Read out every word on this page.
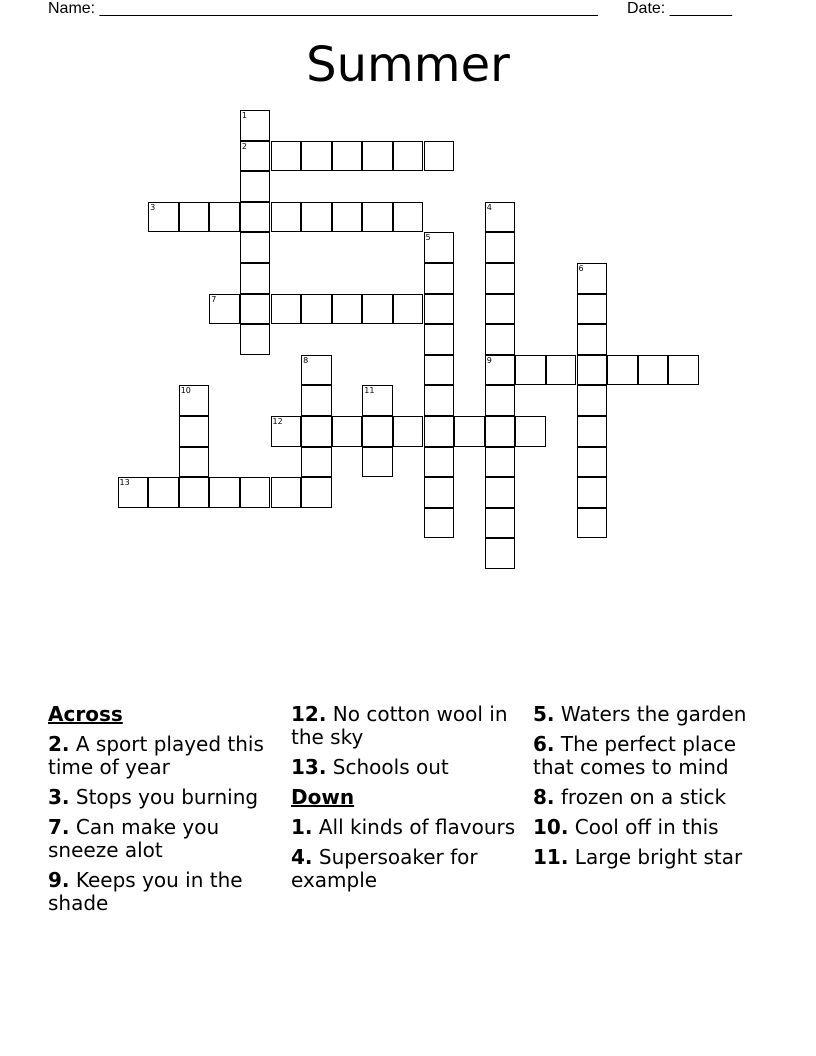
Name: ________________________________________________________ Date: _______
Summer
1
2
3	4
9
5
6
7
8
10	11
12
13
Across
2. A sport played this time of year
3. Stops you burning
7. Can make you sneeze alot
9. Keeps you in the shade
12. No cotton wool in the sky
13. Schools out
Down
1. All kinds of flavours
4. Supersoaker for example
5. Waters the garden
6. The perfect place that comes to mind
8. frozen on a stick
10. Cool off in this
11. Large bright star
